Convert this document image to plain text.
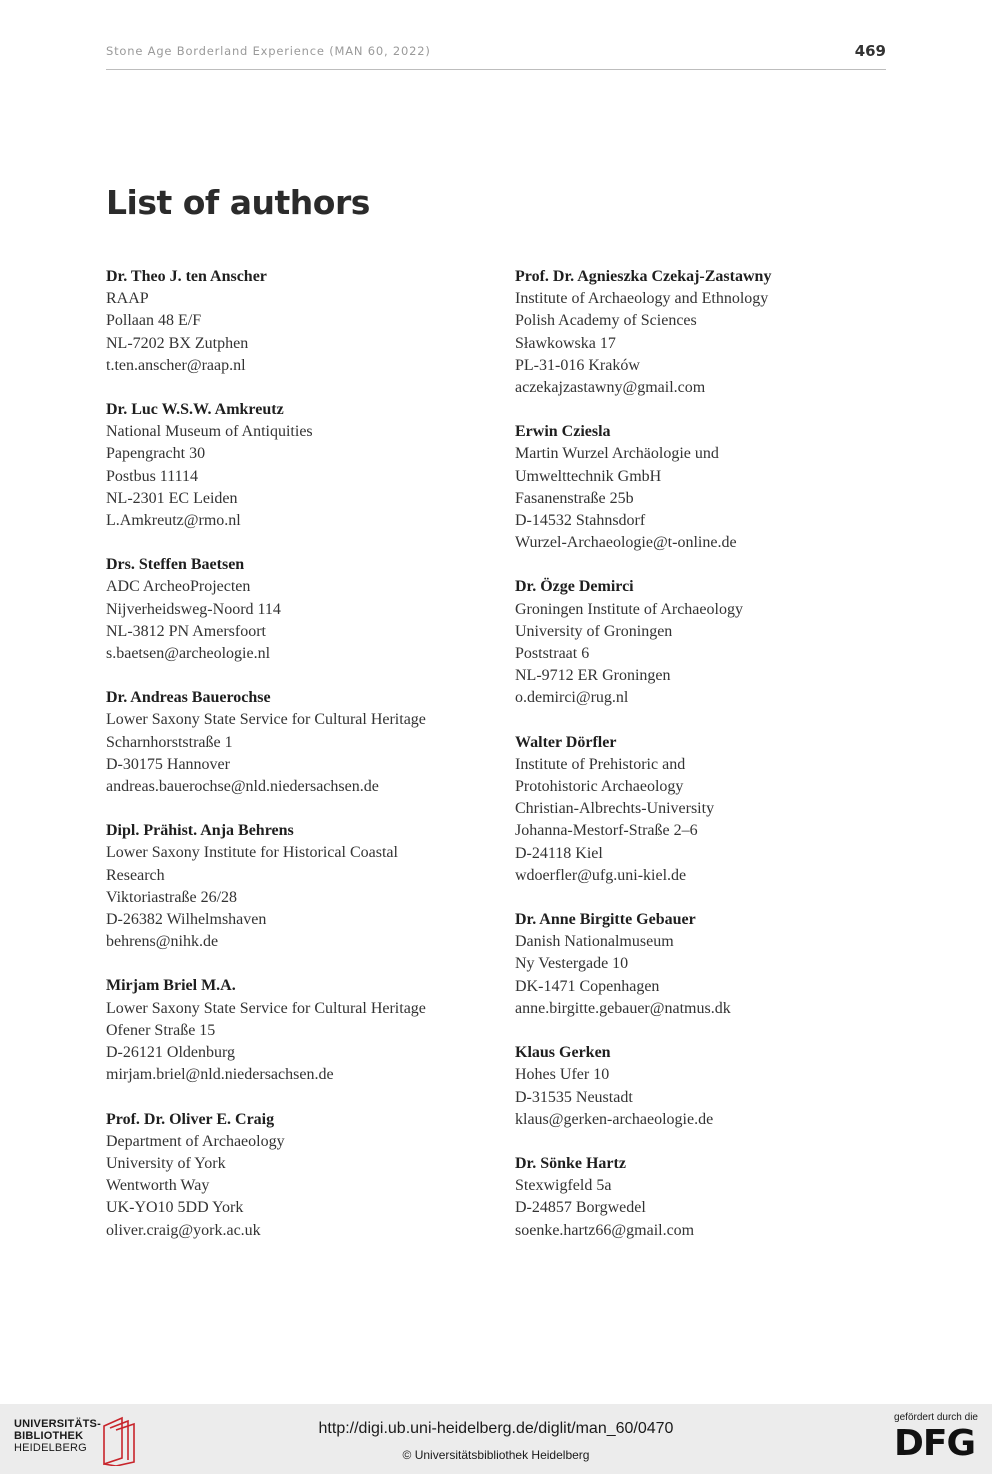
Stone Age Borderland Experience (MAN 60, 2022)	469
List of authors
Dr. Theo J. ten Anscher
RAAP
Pollaan 48 E/F
NL-7202 BX Zutphen
t.ten.anscher@raap.nl
Dr. Luc W.S.W. Amkreutz
National Museum of Antiquities
Papengracht 30
Postbus 11114
NL-2301 EC Leiden
L.Amkreutz@rmo.nl
Drs. Steffen Baetsen
ADC ArcheoProjecten
Nijverheidsweg-Noord 114
NL-3812 PN Amersfoort
s.baetsen@archeologie.nl
Dr. Andreas Bauerochse
Lower Saxony State Service for Cultural Heritage
Scharnhorststraße 1
D-30175 Hannover
andreas.bauerochse@nld.niedersachsen.de
Dipl. Prähist. Anja Behrens
Lower Saxony Institute for Historical Coastal
Research
Viktoriastraße 26/28
D-26382 Wilhelmshaven
behrens@nihk.de
Mirjam Briel M.A.
Lower Saxony State Service for Cultural Heritage
Ofener Straße 15
D-26121 Oldenburg
mirjam.briel@nld.niedersachsen.de
Prof. Dr. Oliver E. Craig
Department of Archaeology
University of York
Wentworth Way
UK-YO10 5DD York
oliver.craig@york.ac.uk
Prof. Dr. Agnieszka Czekaj-Zastawny
Institute of Archaeology and Ethnology
Polish Academy of Sciences
Sławkowska 17
PL-31-016 Kraków
aczekajzastawny@gmail.com
Erwin Cziesla
Martin Wurzel Archäologie und
Umwelttechnik GmbH
Fasanenstraße 25b
D-14532 Stahnsdorf
Wurzel-Archaeologie@t-online.de
Dr. Özge Demirci
Groningen Institute of Archaeology
University of Groningen
Poststraat 6
NL-9712 ER Groningen
o.demirci@rug.nl
Walter Dörfler
Institute of Prehistoric and
Protohistoric Archaeology
Christian-Albrechts-University
Johanna-Mestorf-Straße 2–6
D-24118 Kiel
wdoerfler@ufg.uni-kiel.de
Dr. Anne Birgitte Gebauer
Danish Nationalmuseum
Ny Vestergade 10
DK-1471 Copenhagen
anne.birgitte.gebauer@natmus.dk
Klaus Gerken
Hohes Ufer 10
D-31535 Neustadt
klaus@gerken-archaeologie.de
Dr. Sönke Hartz
Stexwigfeld 5a
D-24857 Borgwedel
soenke.hartz66@gmail.com
UNIVERSITÄTS-
BIBLIOTHEK
HEIDELBERG
http://digi.ub.uni-heidelberg.de/diglit/man_60/0470
© Universitätsbibliothek Heidelberg
gefördert durch die
DFG
